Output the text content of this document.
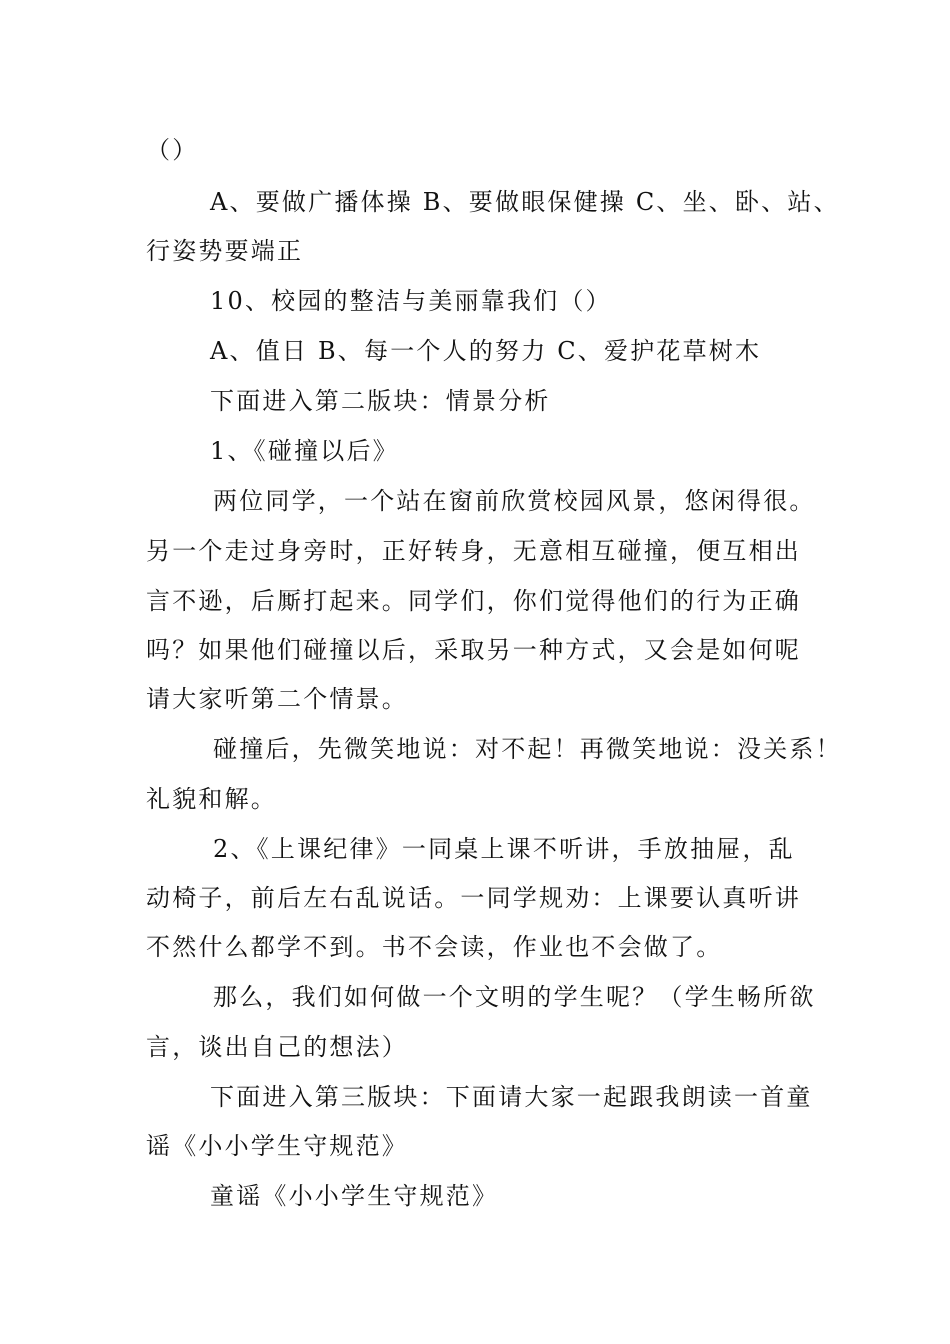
（）
A、要做广播体操 B、要做眼保健操 C、坐、卧、站、
行姿势要端正
10、校园的整洁与美丽靠我们（）
A、值日 B、每一个人的努力 C、爱护花草树木
下面进入第二版块：情景分析
1、《碰撞以后》
两位同学，一个站在窗前欣赏校园风景，悠闲得很。
另一个走过身旁时，正好转身，无意相互碰撞，便互相出
言不逊，后厮打起来。同学们，你们觉得他们的行为正确
吗？如果他们碰撞以后，采取另一种方式，又会是如何呢
请大家听第二个情景。
碰撞后，先微笑地说：对不起！再微笑地说：没关系！
礼貌和解。
2、《上课纪律》一同桌上课不听讲，手放抽屉，乱
动椅子，前后左右乱说话。一同学规劝：上课要认真听讲
不然什么都学不到。书不会读，作业也不会做了。
那么，我们如何做一个文明的学生呢？（学生畅所欲
言，谈出自己的想法）
下面进入第三版块：下面请大家一起跟我朗读一首童
谣《小小学生守规范》
童谣《小小学生守规范》
